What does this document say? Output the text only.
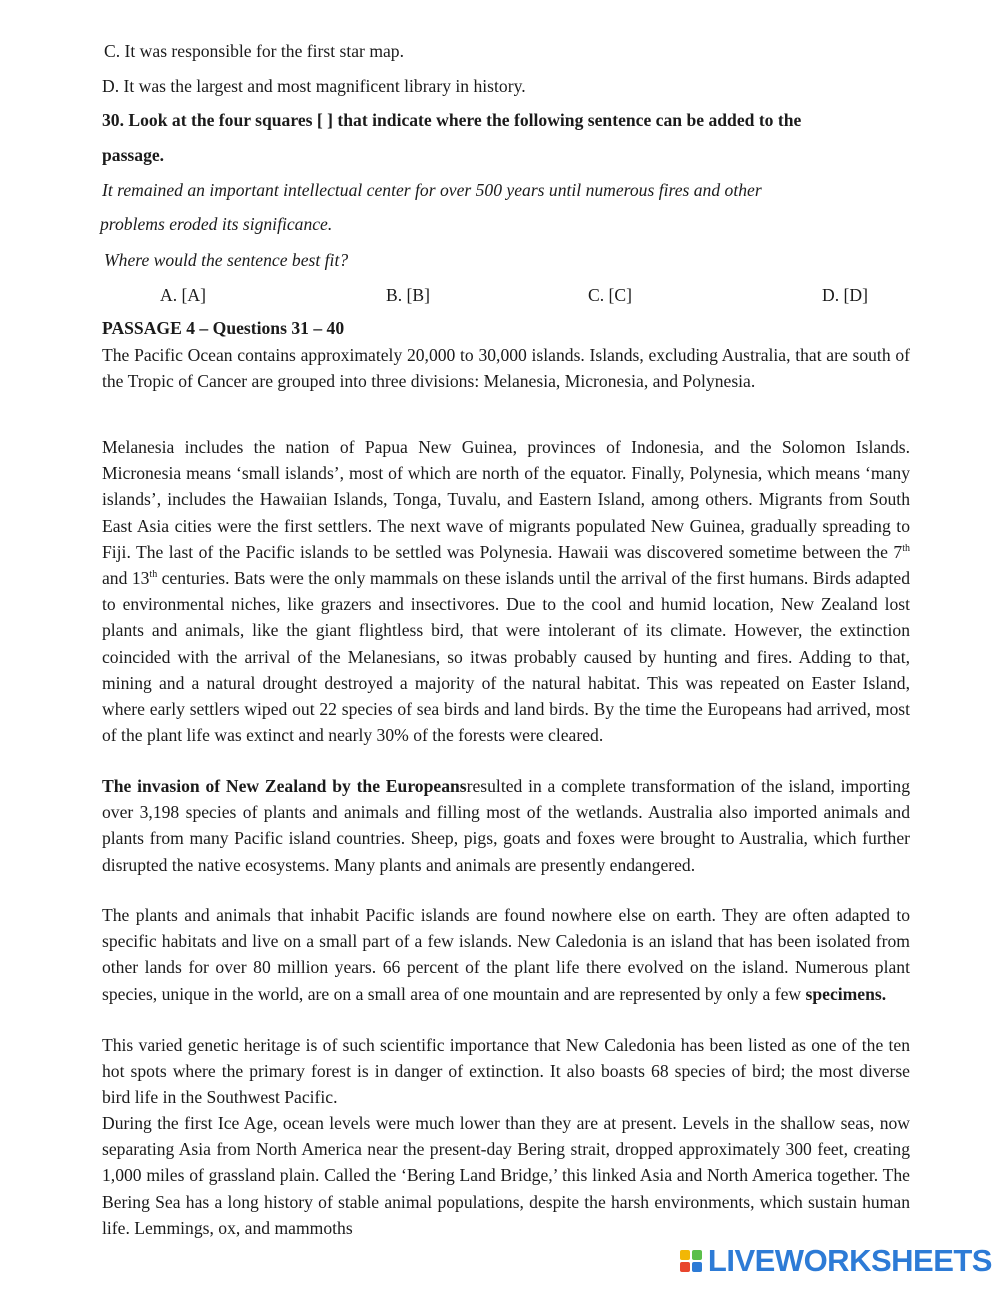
C. It was responsible for the first star map.
D. It was the largest and most magnificent library in history.
30. Look at the four squares [ ] that indicate where the following sentence can be added to the
passage.
It remained an important intellectual center for over 500 years until numerous fires and other
problems eroded its significance.
Where would the sentence best fit?
A. [A]	B. [B]	C. [C]	D. [D]
PASSAGE 4 – Questions 31 – 40

The Pacific Ocean contains approximately 20,000 to 30,000 islands. Islands, excluding Australia, that are south of the Tropic of Cancer are grouped into three divisions: Melanesia, Micronesia, and Polynesia.

Melanesia includes the nation of Papua New Guinea, provinces of Indonesia, and the Solomon Islands. Micronesia means ‘small islands’, most of which are north of the equator. Finally, Polynesia, which means ‘many islands’, includes the Hawaiian Islands, Tonga, Tuvalu, and Eastern Island, among others. Migrants from South East Asia cities were the first settlers. The next wave of migrants populated New Guinea, gradually spreading to Fiji. The last of the Pacific islands to be settled was Polynesia. Hawaii was discovered sometime between the 7th and 13th centuries. Bats were the only mammals on these islands until the arrival of the first humans. Birds adapted to environmental niches, like grazers and insectivores. Due to the cool and humid location, New Zealand lost plants and animals, like the giant flightless bird, that were intolerant of its climate. However, the extinction coincided with the arrival of the Melanesians, so itwas probably caused by hunting and fires. Adding to that, mining and a natural drought destroyed a majority of the natural habitat. This was repeated on Easter Island, where early settlers wiped out 22 species of sea birds and land birds. By the time the Europeans had arrived, most of the plant life was extinct and nearly 30% of the forests were cleared.

The invasion of New Zealand by the Europeansresulted in a complete transformation of the island, importing over 3,198 species of plants and animals and filling most of the wetlands. Australia also imported animals and plants from many Pacific island countries. Sheep, pigs, goats and foxes were brought to Australia, which further disrupted the native ecosystems. Many plants and animals are presently endangered.

The plants and animals that inhabit Pacific islands are found nowhere else on earth. They are often adapted to specific habitats and live on a small part of a few islands. New Caledonia is an island that has been isolated from other lands for over 80 million years. 66 percent of the plant life there evolved on the island. Numerous plant species, unique in the world, are on a small area of one mountain and are represented by only a few specimens.

This varied genetic heritage is of such scientific importance that New Caledonia has been listed as one of the ten hot spots where the primary forest is in danger of extinction. It also boasts 68 species of bird; the most diverse bird life in the Southwest Pacific.

During the first Ice Age, ocean levels were much lower than they are at present. Levels in the shallow seas, now separating Asia from North America near the present-day Bering strait, dropped approximately 300 feet, creating 1,000 miles of grassland plain. Called the ‘Bering Land Bridge,’ this linked Asia and North America together. The Bering Sea has a long history of stable animal populations, despite the harsh environments, which sustain human life. Lemmings, ox, and mammoths

LIVEWORKSHEETS
